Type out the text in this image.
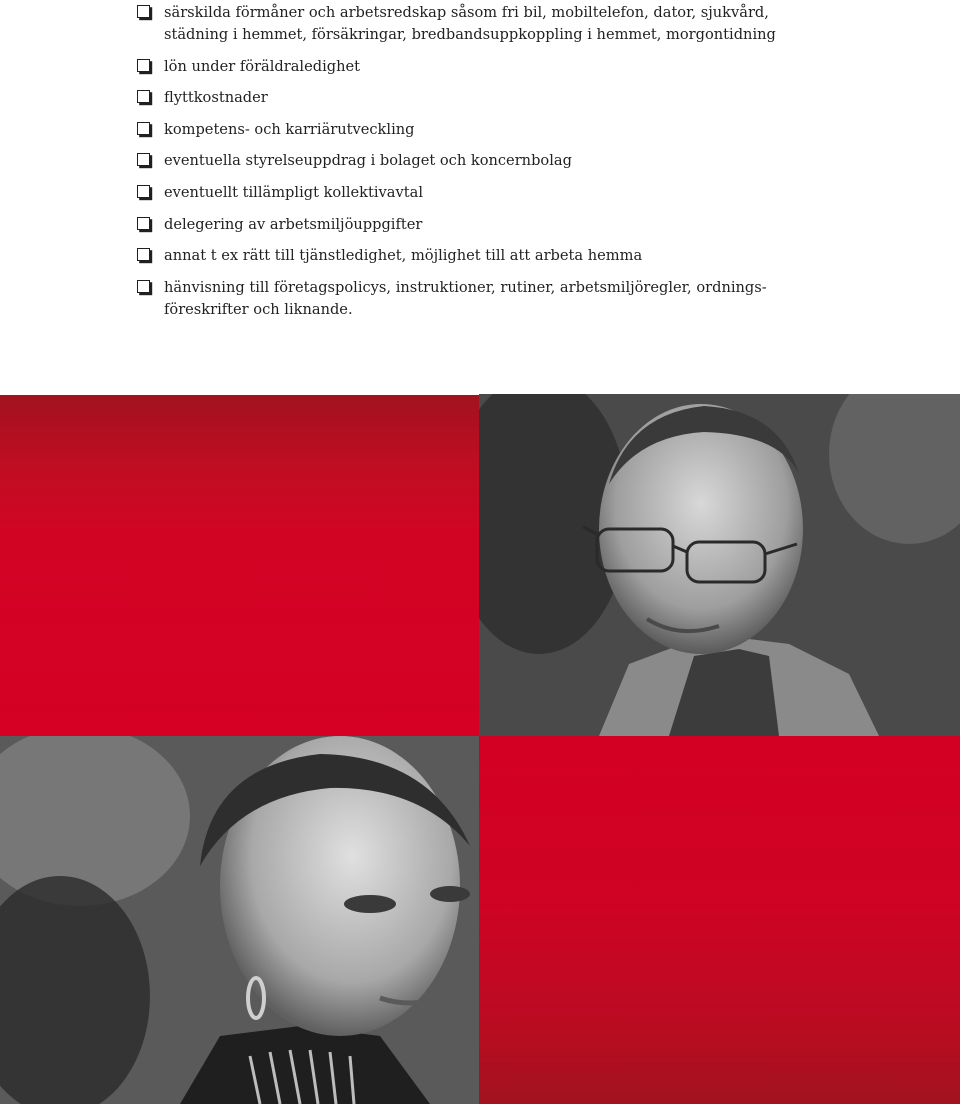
särskilda förmåner och arbetsredskap såsom fri bil, mobiltelefon, dator, sjukvård,
städning i hemmet, försäkringar, bredbandsuppkoppling i hemmet, morgontidning
lön under föräldraledighet
flyttkostnader
kompetens- och karriärutveckling
eventuella styrelseuppdrag i bolaget och koncernbolag
eventuellt tillämpligt kollektivavtal
delegering av arbetsmiljöuppgifter
annat t ex rätt till tjänstledighet, möjlighet till att arbeta hemma
hänvisning till företagspolicys, instruktioner, rutiner, arbetsmiljöregler, ordnings-
föreskrifter och liknande.
